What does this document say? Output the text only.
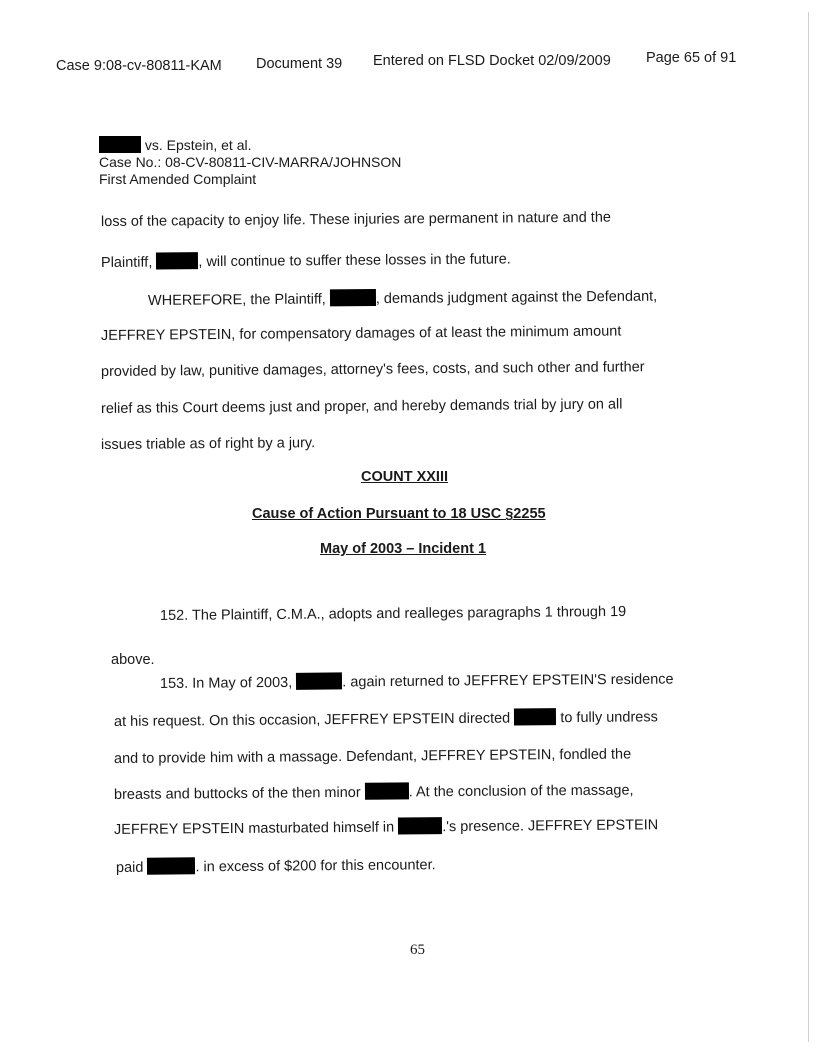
Case 9:08-cv-80811-KAM Document 39 Entered on FLSD Docket 02/09/2009 Page 65 of 91
vs. Epstein, et al.
Case No.: 08-CV-80811-CIV-MARRA/JOHNSON
First Amended Complaint
loss of the capacity to enjoy life. These injuries are permanent in nature and the
Plaintiff,	, will continue to suffer these losses in the future.
WHEREFORE, the Plaintiff,	, demands judgment against the Defendant,
JEFFREY EPSTEIN, for compensatory damages of at least the minimum amount
provided by law, punitive damages, attorney's fees, costs, and such other and further
relief as this Court deems just and proper, and hereby demands trial by jury on all
issues triable as of right by a jury.
COUNT XXIII
Cause of Action Pursuant to 18 USC §2255
May of 2003 – Incident 1
152. The Plaintiff, C.M.A., adopts and realleges paragraphs 1 through 19
above.
153. In May of 2003,	. again returned to JEFFREY EPSTEIN'S residence
at his request. On this occasion, JEFFREY EPSTEIN directed	to fully undress
and to provide him with a massage. Defendant, JEFFREY EPSTEIN, fondled the
breasts and buttocks of the then minor	. At the conclusion of the massage,
JEFFREY EPSTEIN masturbated himself in	.'s presence. JEFFREY EPSTEIN
paid	. in excess of $200 for this encounter.
65
